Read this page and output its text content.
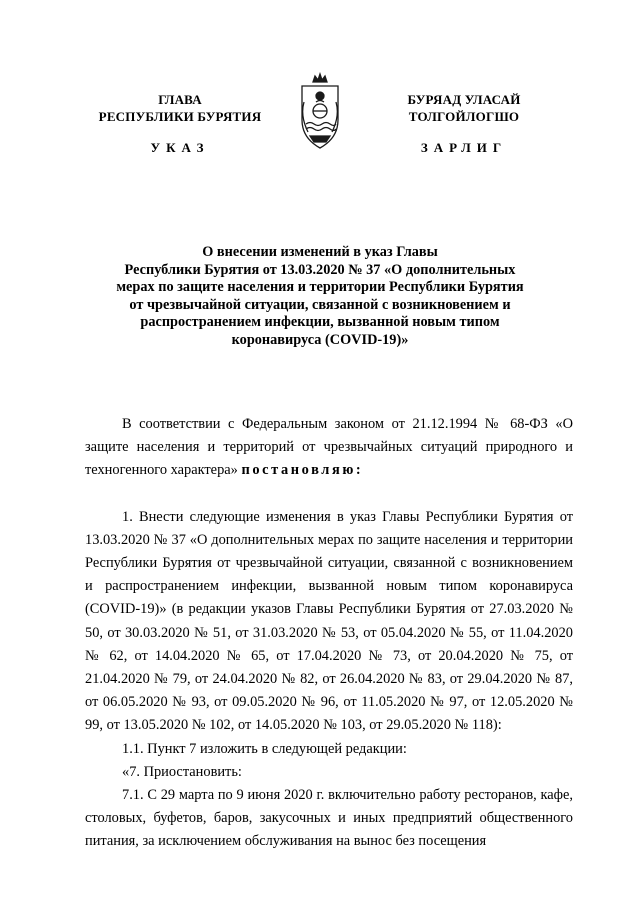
ГЛАВА
РЕСПУБЛИКИ БУРЯТИЯ
БУРЯАД УЛАСАЙ
ТОЛГОЙЛОГШО
УКАЗ	ЗАРЛИГ
О внесении изменений в указ Главы
Республики Бурятия от 13.03.2020 № 37 «О дополнительных
мерах по защите населения и территории Республики Бурятия
от чрезвычайной ситуации, связанной с возникновением и
распространением инфекции, вызванной новым типом
коронавируса (COVID-19)»

В соответствии с Федеральным законом от 21.12.1994 № 68-ФЗ «О защите населения и территорий от чрезвычайных ситуаций природного и техногенного характера» постановляю:

1. Внести следующие изменения в указ Главы Республики Бурятия от 13.03.2020 № 37 «О дополнительных мерах по защите населения и территории Республики Бурятия от чрезвычайной ситуации, связанной с возникновением и распространением инфекции, вызванной новым типом коронавируса (COVID-19)» (в редакции указов Главы Республики Бурятия от 27.03.2020 № 50, от 30.03.2020 № 51, от 31.03.2020 № 53, от 05.04.2020 № 55, от 11.04.2020 № 62, от 14.04.2020 № 65, от 17.04.2020 № 73, от 20.04.2020 № 75, от 21.04.2020 № 79, от 24.04.2020 № 82, от 26.04.2020 № 83, от 29.04.2020 № 87, от 06.05.2020 № 93, от 09.05.2020 № 96, от 11.05.2020 № 97, от 12.05.2020 № 99, от 13.05.2020 № 102, от 14.05.2020 № 103, от 29.05.2020 № 118):

1.1. Пункт 7 изложить в следующей редакции:

«7. Приостановить:

7.1. С 29 марта по 9 июня 2020 г. включительно работу ресторанов, кафе, столовых, буфетов, баров, закусочных и иных предприятий общественного питания, за исключением обслуживания на вынос без посещения
